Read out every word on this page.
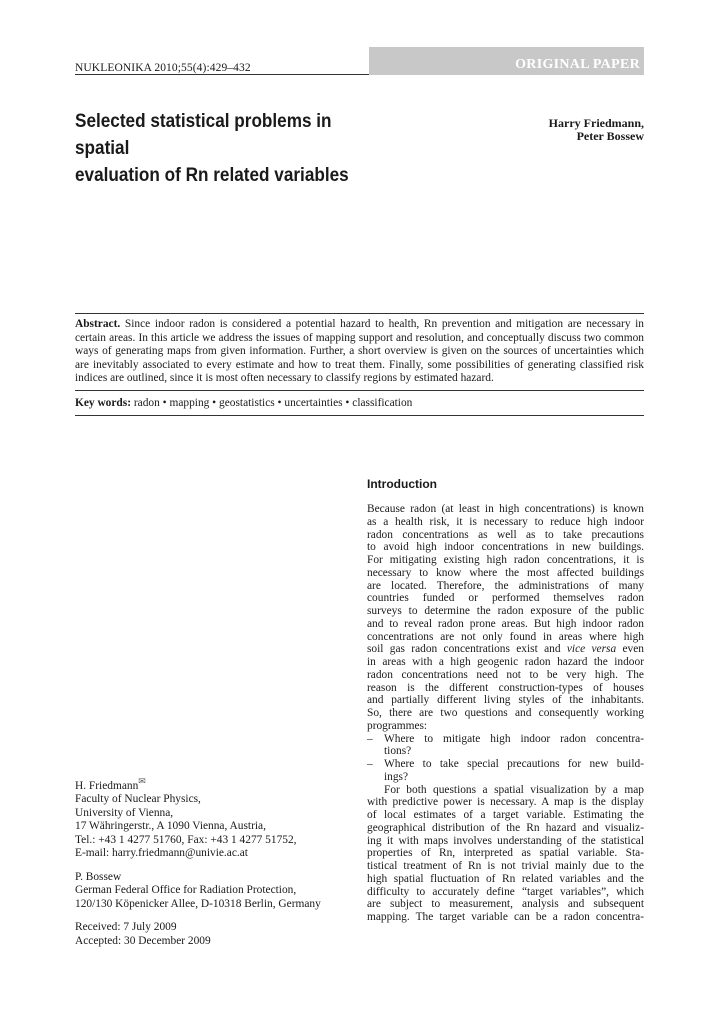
NUKLEONIKA 2010;55(4):429–432	ORIGINAL PAPER
Selected statistical problems in spatial
evaluation of Rn related variables
Harry Friedmann,
Peter Bossew
Abstract. Since indoor radon is considered a potential hazard to health, Rn prevention and mitigation are necessary in certain areas. In this article we address the issues of mapping support and resolution, and conceptually discuss two common ways of generating maps from given information. Further, a short overview is given on the sources of uncertainties which are inevitably associated to every estimate and how to treat them. Finally, some possibilities of generating classified risk indices are outlined, since it is most often necessary to classify regions by estimated hazard.
Key words: radon • mapping • geostatistics • uncertainties • classification
Introduction
Because radon (at least in high concentrations) is known
as a health risk, it is necessary to reduce high indoor
radon concentrations as well as to take precautions
to avoid high indoor concentrations in new buildings.
For mitigating existing high radon concentrations, it is
necessary to know where the most affected buildings
are located. Therefore, the administrations of many
countries funded or performed themselves radon
surveys to determine the radon exposure of the public
and to reveal radon prone areas. But high indoor radon
concentrations are not only found in areas where high
soil gas radon concentrations exist and vice versa even
in areas with a high geogenic radon hazard the indoor
radon concentrations need not to be very high. The
reason is the different construction-types of houses
and partially different living styles of the inhabitants.
So, there are two questions and consequently working
programmes:
– Where to mitigate high indoor radon concentra-
tions?
– Where to take special precautions for new build-
ings?
For both questions a spatial visualization by a map
with predictive power is necessary. A map is the display
of local estimates of a target variable. Estimating the
geographical distribution of the Rn hazard and visualiz-
ing it with maps involves understanding of the statistical
properties of Rn, interpreted as spatial variable. Sta-
tistical treatment of Rn is not trivial mainly due to the
high spatial fluctuation of Rn related variables and the
difficulty to accurately define “target variables”, which
are subject to measurement, analysis and subsequent
mapping. The target variable can be a radon concentra-

H. Friedmann✉

Faculty of Nuclear Physics,

University of Vienna,

17 Währingerstr., A 1090 Vienna, Austria,

Tel.: +43 1 4277 51760, Fax: +43 1 4277 51752,

E-mail: harry.friedmann@univie.ac.at

P. Bossew

German Federal Office for Radiation Protection,

120/130 Köpenicker Allee, D-10318 Berlin, Germany

Received: 7 July 2009

Accepted: 30 December 2009
